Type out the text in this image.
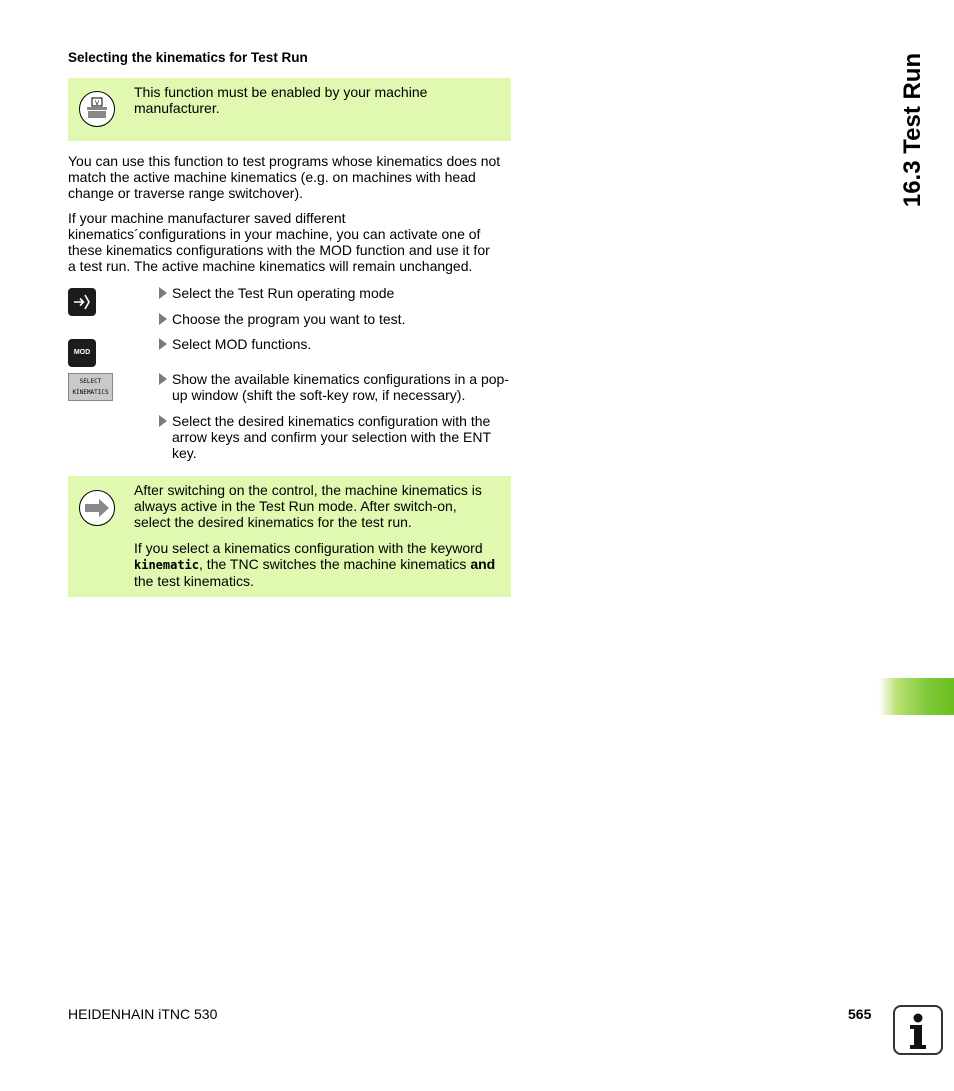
Selecting the kinematics for Test Run
V

This function must be enabled by your machine

manufacturer.

You can use this function to test programs whose kinematics does not

match the active machine kinematics (e.g. on machines with head

change or traverse range switchover).

If your machine manufacturer saved different

kinematics´configurations in your machine, you can activate one of

these kinematics configurations with the MOD function and use it for

a test run. The active machine kinematics will remain unchanged.

MOD
SELECT
KINEMATICS
Select the Test Run operating mode
Choose the program you want to test.
Select MOD functions.
Show the available kinematics configurations in a pop-
up window (shift the soft-key row, if necessary).
Select the desired kinematics configuration with the
arrow keys and confirm your selection with the ENT
key.

After switching on the control, the machine kinematics is

always active in the Test Run mode. After switch-on,

select the desired kinematics for the test run.

If you select a kinematics configuration with the keyword

kinematic, the TNC switches the machine kinematics and

the test kinematics.

16.3 Test Run
HEIDENHAIN iTNC 530	565
